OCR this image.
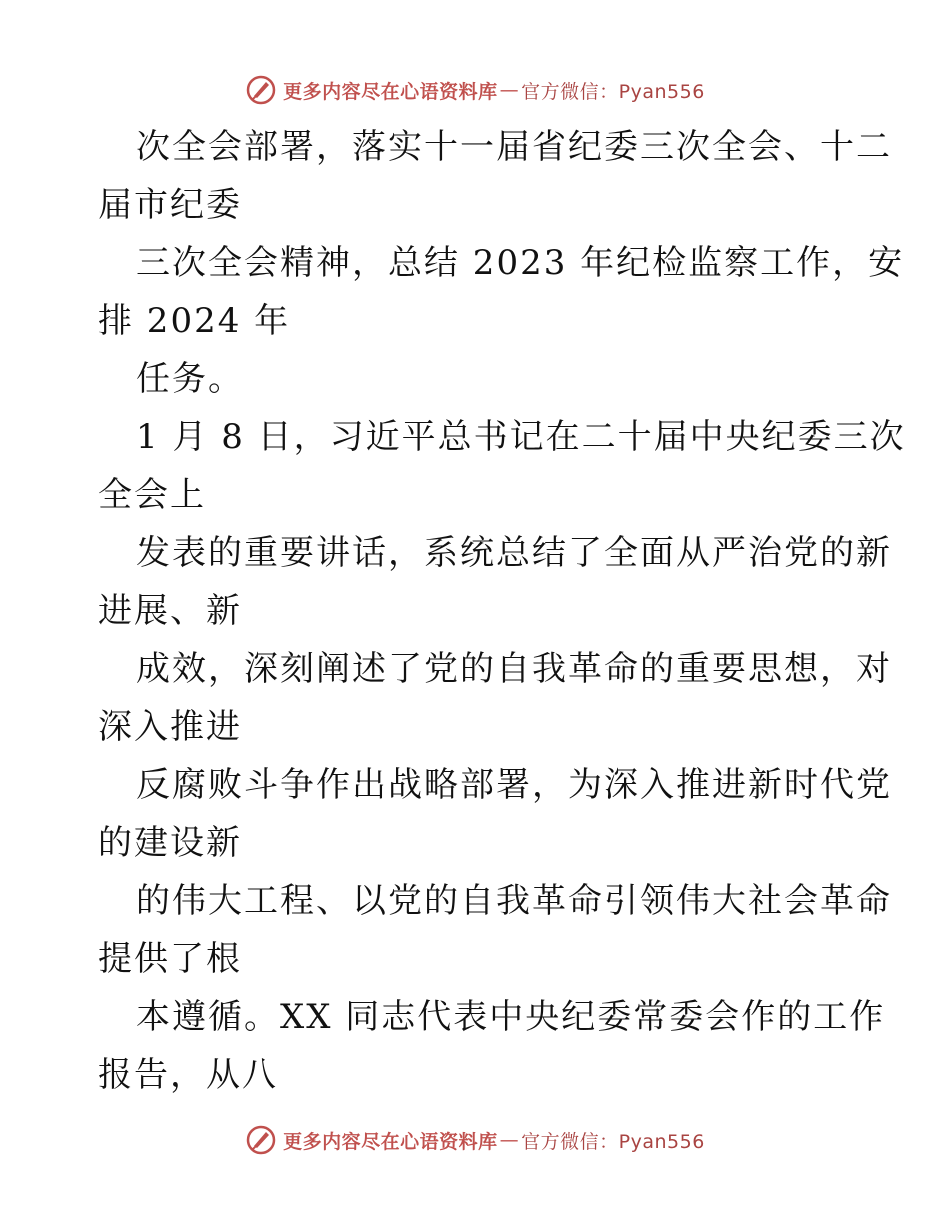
更多内容尽在心语资料库 — 官方微信：Pyan556
次全会部署，落实十一届省纪委三次全会、十二
届市纪委
三次全会精神，总结 2023 年纪检监察工作，安
排 2024 年
任务。
1 月 8 日，习近平总书记在二十届中央纪委三次
全会上
发表的重要讲话，系统总结了全面从严治党的新
进展、新
成效，深刻阐述了党的自我革命的重要思想，对
深入推进
反腐败斗争作出战略部署，为深入推进新时代党
的建设新
的伟大工程、以党的自我革命引领伟大社会革命
提供了根
本遵循。XX 同志代表中央纪委常委会作的工作
报告，从八
更多内容尽在心语资料库 — 官方微信：Pyan556
